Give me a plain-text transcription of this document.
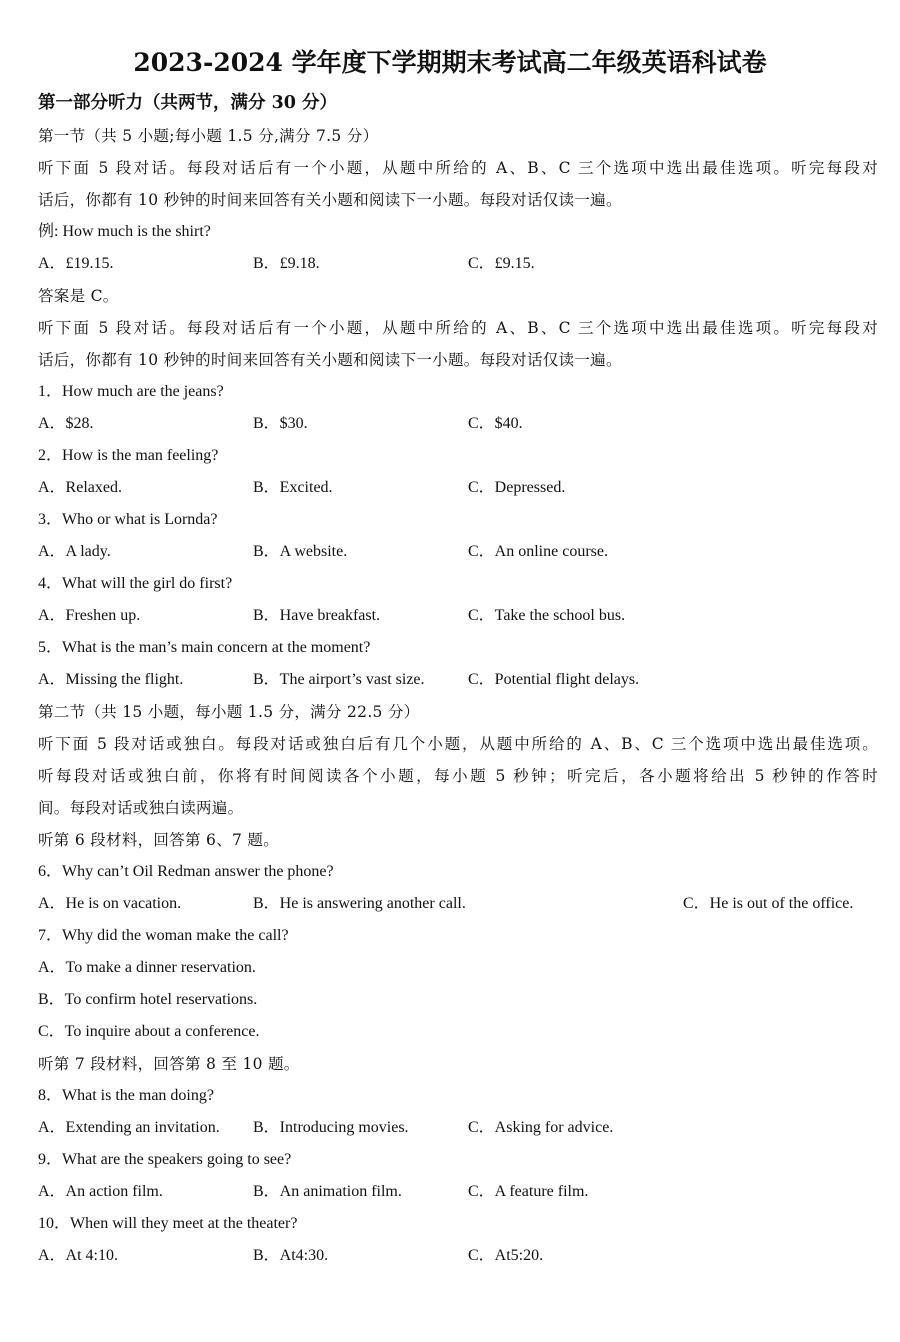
2023-2024 学年度下学期期末考试高二年级英语科试卷
第一部分听力（共两节，满分 30 分）
第一节（共 5 小题;每小题 1.5 分,满分 7.5 分）
听下面 5 段对话。每段对话后有一个小题，从题中所给的 A、B、C 三个选项中选出最佳选项。听完每段对
话后，你都有 10 秒钟的时间来回答有关小题和阅读下一小题。每段对话仅读一遍。
例: How much is the shirt?
A．£19.15.	B．£9.18.	C．£9.15.
答案是 C。
听下面 5 段对话。每段对话后有一个小题，从题中所给的 A、B、C 三个选项中选出最佳选项。听完每段对
话后，你都有 10 秒钟的时间来回答有关小题和阅读下一小题。每段对话仅读一遍。
1．How much are the jeans?
A．$28.	B．$30.	C．$40.
2．How is the man feeling?
A．Relaxed.	B．Excited.	C．Depressed.
3．Who or what is Lornda?
A．A lady.	B．A website.	C．An online course.
4．What will the girl do first?
A．Freshen up.	B．Have breakfast.	C．Take the school bus.
5．What is the man’s main concern at the moment?
A．Missing the flight.	B．The airport’s vast size.	C．Potential flight delays.
第二节（共 15 小题，每小题 1.5 分，满分 22.5 分）
听下面 5 段对话或独白。每段对话或独白后有几个小题，从题中所给的 A、B、C 三个选项中选出最佳选项。
听每段对话或独白前，你将有时间阅读各个小题，每小题 5 秒钟；听完后，各小题将给出 5 秒钟的作答时
间。每段对话或独白读两遍。
听第 6 段材料，回答第 6、7 题。
6．Why can’t Oil Redman answer the phone?
A．He is on vacation.	B．He is answering another call.	C．He is out of the office.
7．Why did the woman make the call?
A．To make a dinner reservation.
B．To confirm hotel reservations.
C．To inquire about a conference.
听第 7 段材料，回答第 8 至 10 题。
8．What is the man doing?
A．Extending an invitation. B．Introducing movies.	C．Asking for advice.
9．What are the speakers going to see?
A．An action film.	B．An animation film.	C．A feature film.
10．When will they meet at the theater?
A．At 4:10.	B．At4:30.	C．At5:20.
